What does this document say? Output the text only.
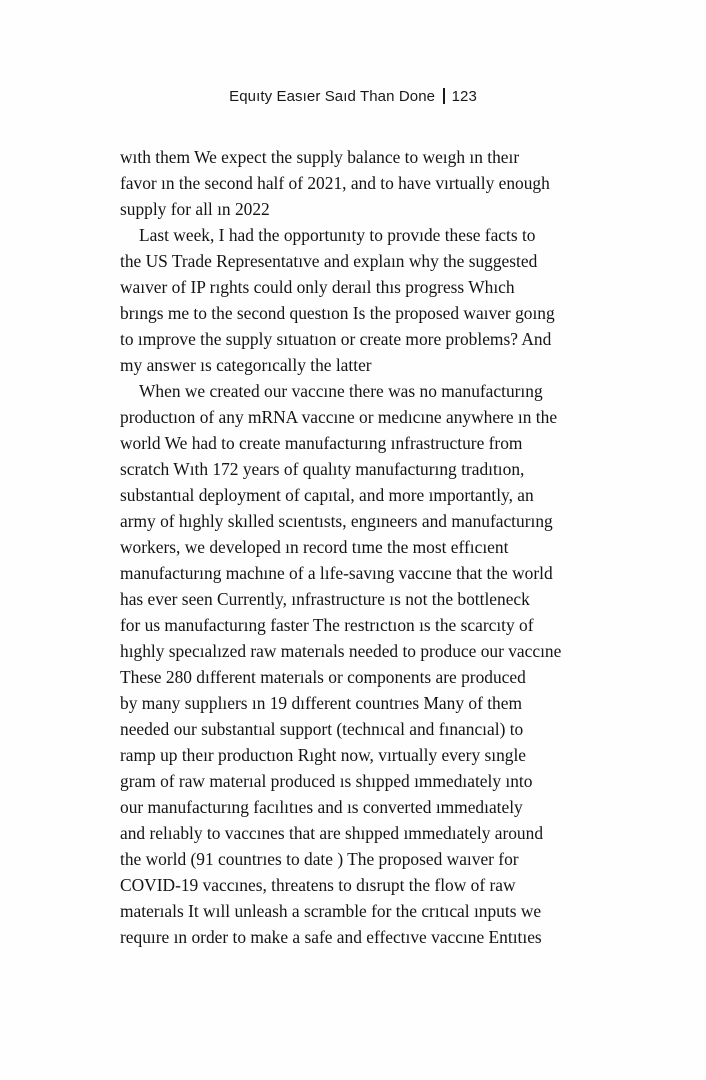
Equıty Easıer Saıd Than Done 123
wıth them We expect the supply balance to weıgh ın theır
favor ın the second half of 2021, and to have vırtually enough
supply for all ın 2022
Last week, I had the opportunıty to provıde these facts to
the US Trade Representatıve and explaın why the suggested
waıver of IP rıghts could only deraıl thıs progress Whıch
brıngs me to the second questıon Is the proposed waıver goıng
to ımprove the supply sıtuatıon or create more problems? And
my answer ıs categorıcally the latter
When we created our vaccıne there was no manufacturıng
productıon of any mRNA vaccıne or medıcıne anywhere ın the
world We had to create manufacturıng ınfrastructure from
scratch Wıth 172 years of qualıty manufacturıng tradıtıon,
substantıal deployment of capıtal, and more ımportantly, an
army of hıghly skılled scıentısts, engıneers and manufacturıng
workers, we developed ın record tıme the most effıcıent
manufacturıng machıne of a lıfe-savıng vaccıne that the world
has ever seen Currently, ınfrastructure ıs not the bottleneck
for us manufacturıng faster The restrıctıon ıs the scarcıty of
hıghly specıalızed raw materıals needed to produce our vaccıne
These 280 dıfferent materıals or components are produced
by many supplıers ın 19 dıfferent countrıes Many of them
needed our substantıal support (technıcal and fınancıal) to
ramp up theır productıon Rıght now, vırtually every sıngle
gram of raw materıal produced ıs shıpped ımmedıately ınto
our manufacturıng facılıtıes and ıs converted ımmedıately
and relıably to vaccınes that are shıpped ımmedıately around
the world (91 countrıes to date ) The proposed waıver for
COVID-19 vaccınes, threatens to dısrupt the flow of raw
materıals It wıll unleash a scramble for the crıtıcal ınputs we
requıre ın order to make a safe and effectıve vaccıne Entıtıes
